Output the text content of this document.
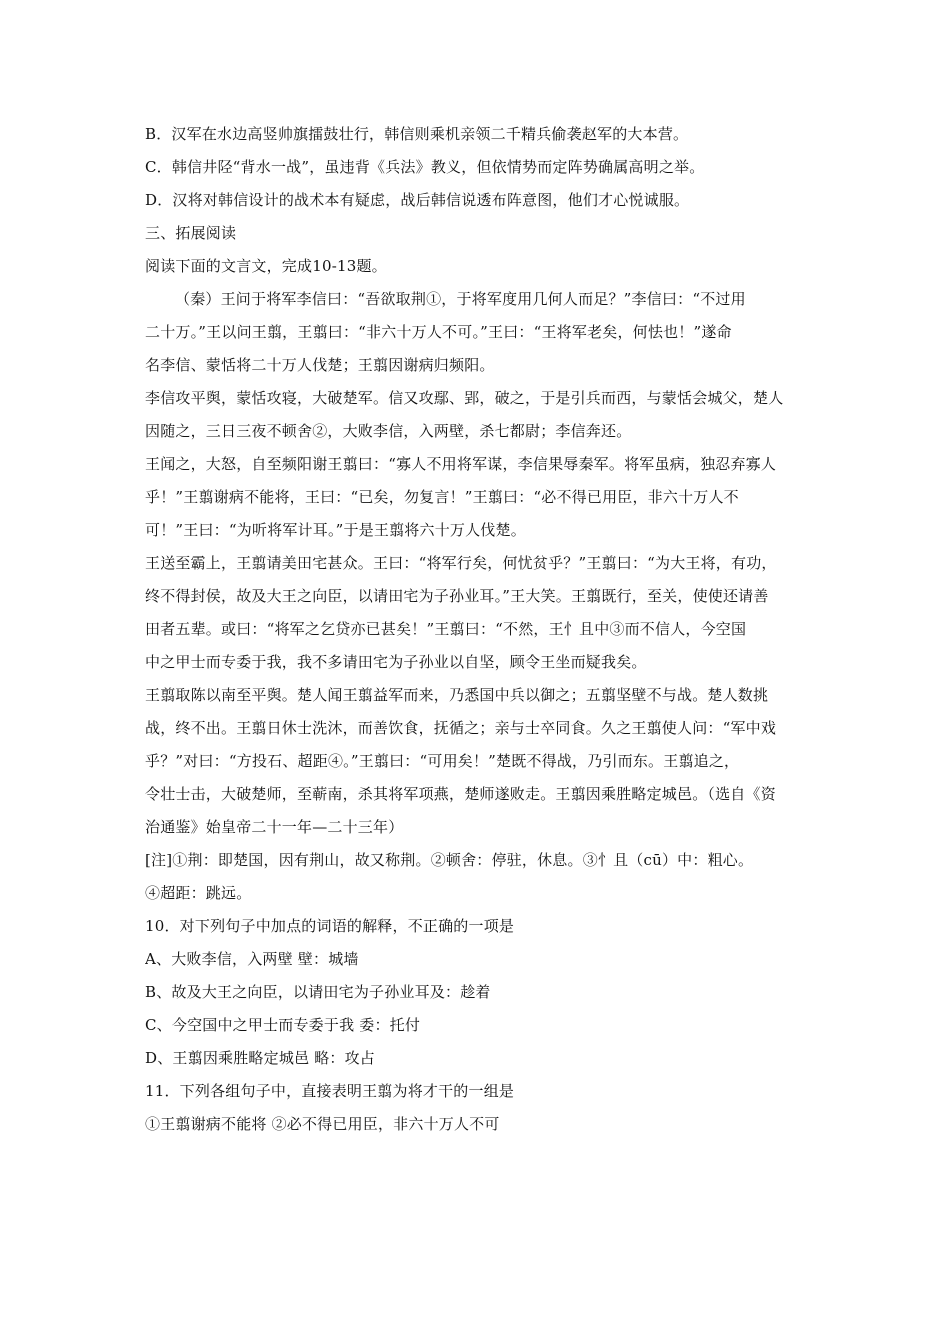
B．汉军在水边高竖帅旗擂鼓壮行，韩信则乘机亲领二千精兵偷袭赵军的大本营。
C．韩信井陉“背水一战”，虽违背《兵法》教义，但依情势而定阵势确属高明之举。
D．汉将对韩信设计的战术本有疑虑，战后韩信说透布阵意图，他们才心悦诚服。
三、拓展阅读
阅读下面的文言文，完成10-13题。
（秦）王问于将军李信曰：“吾欲取荆①，于将军度用几何人而足？”李信曰：“不过用
二十万。”王以问王翦，王翦曰：“非六十万人不可。”王曰：“王将军老矣，何怯也！”遂命
名李信、蒙恬将二十万人伐楚；王翦因谢病归频阳。
李信攻平舆，蒙恬攻寝，大破楚军。信又攻鄢、郢，破之，于是引兵而西，与蒙恬会城父，楚人
因随之，三日三夜不顿舍②，大败李信，入两壁，杀七都尉；李信奔还。
王闻之，大怒，自至频阳谢王翦曰：“寡人不用将军谋，李信果辱秦军。将军虽病，独忍弃寡人
乎！”王翦谢病不能将，王曰：“已矣，勿复言！”王翦曰：“必不得已用臣，非六十万人不
可！”王曰：“为听将军计耳。”于是王翦将六十万人伐楚。
王送至霸上，王翦请美田宅甚众。王曰：“将军行矣，何忧贫乎？”王翦曰：“为大王将，有功，
终不得封侯，故及大王之向臣，以请田宅为子孙业耳。”王大笑。王翦既行，至关，使使还请善
田者五辈。或曰：“将军之乞贷亦已甚矣！”王翦曰：“不然，王忄且中③而不信人，今空国
中之甲士而专委于我，我不多请田宅为子孙业以自坚，顾令王坐而疑我矣。
王翦取陈以南至平舆。楚人闻王翦益军而来，乃悉国中兵以御之；五翦坚壁不与战。楚人数挑
战，终不出。王翦日休士洗沐，而善饮食，抚循之；亲与士卒同食。久之王翦使人问：“军中戏
乎？”对曰：“方投石、超距④。”王翦曰：“可用矣！”楚既不得战，乃引而东。王翦追之，
令壮士击，大破楚师，至蕲南，杀其将军项燕，楚师遂败走。王翦因乘胜略定城邑。（选自《资
治通鉴》始皇帝二十一年—二十三年）
[注]①荆：即楚国，因有荆山，故又称荆。②顿舍：停驻，休息。③忄且（cū）中：粗心。
④超距：跳远。
10．对下列句子中加点的词语的解释，不正确的一项是
A、大败李信，入两壁 壁：城墙
B、故及大王之向臣，以请田宅为子孙业耳及：趁着
C、今空国中之甲士而专委于我 委：托付
D、王翦因乘胜略定城邑 略：攻占
11．下列各组句子中，直接表明王翦为将才干的一组是
①王翦谢病不能将 ②必不得已用臣，非六十万人不可
